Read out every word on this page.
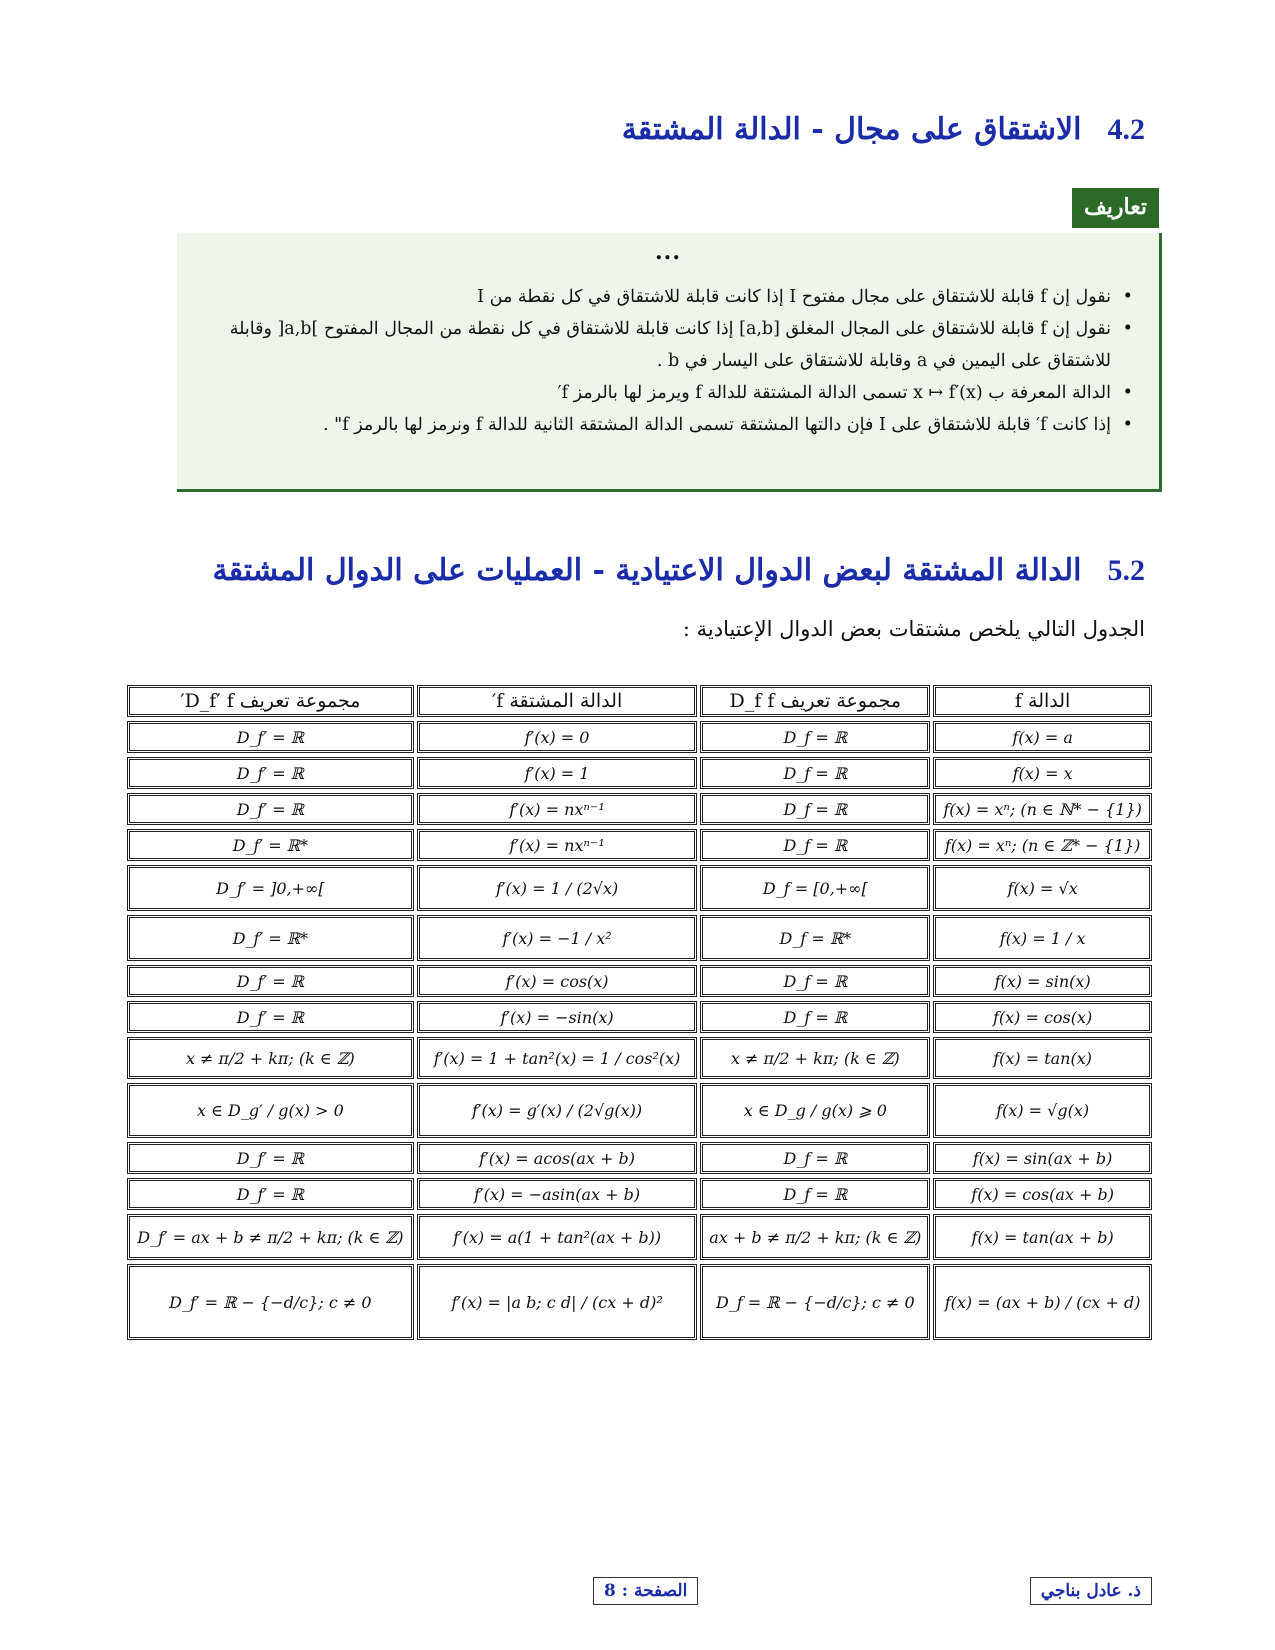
4.2الاشتقاق على مجال - الدالة المشتقة
تعاريف
...
• نقول إن f قابلة للاشتقاق على مجال مفتوح I إذا كانت قابلة للاشتقاق في كل نقطة من I
• نقول إن f قابلة للاشتقاق على المجال المغلق [a,b] إذا كانت قابلة للاشتقاق في كل نقطة من المجال المفتوح ]a,b[ وقابلة للاشتقاق على اليمين في a وقابلة للاشتقاق على اليسار في b .
• الدالة المعرفة ب x ↦ f′(x) تسمى الدالة المشتقة للدالة f ويرمز لها بالرمز f′
• إذا كانت f′ قابلة للاشتقاق على I فإن دالتها المشتقة تسمى الدالة المشتقة الثانية للدالة f ونرمز لها بالرمز f" .
5.2الدالة المشتقة لبعض الدوال الاعتيادية - العمليات على الدوال المشتقة
الجدول التالي يلخص مشتقات بعض الدوال الإعتيادية :
مجموعة تعريف D_f′ f′	الدالة المشتقة f′	مجموعة تعريف D_f f	الدالة f
D_f′ = ℝ	f′(x) = 0	D_f = ℝ	f(x) = a
D_f′ = ℝ	f′(x) = 1	D_f = ℝ	f(x) = x
D_f′ = ℝ	f′(x) = nxⁿ⁻¹	D_f = ℝ	f(x) = xⁿ; (n ∈ ℕ* − {1})
D_f′ = ℝ*	f′(x) = nxⁿ⁻¹	D_f = ℝ	f(x) = xⁿ; (n ∈ ℤ* − {1})
D_f′ = ]0,+∞[	f′(x) = 1 / (2√x)	D_f = [0,+∞[	f(x) = √x
D_f′ = ℝ*	f′(x) = −1 / x²	D_f = ℝ*	f(x) = 1 / x
D_f′ = ℝ	f′(x) = cos(x)	D_f = ℝ	f(x) = sin(x)
D_f′ = ℝ	f′(x) = −sin(x)	D_f = ℝ	f(x) = cos(x)
x ≠ π/2 + kπ; (k ∈ ℤ)	f′(x) = 1 + tan²(x) = 1 / cos²(x)	x ≠ π/2 + kπ; (k ∈ ℤ)	f(x) = tan(x)
x ∈ D_g′ / g(x) > 0	f′(x) = g′(x) / (2√g(x))	x ∈ D_g / g(x) ⩾ 0	f(x) = √g(x)
D_f′ = ℝ	f′(x) = acos(ax + b)	D_f = ℝ	f(x) = sin(ax + b)
D_f′ = ℝ	f′(x) = −asin(ax + b)	D_f = ℝ	f(x) = cos(ax + b)
D_f′ = ax + b ≠ π/2 + kπ; (k ∈ ℤ)	f′(x) = a(1 + tan²(ax + b))	ax + b ≠ π/2 + kπ; (k ∈ ℤ)	f(x) = tan(ax + b)
D_f′ = ℝ − {−d/c}; c ≠ 0	f′(x) = |a b; c d| / (cx + d)²	D_f = ℝ − {−d/c}; c ≠ 0	f(x) = (ax + b) / (cx + d)
الصفحة : 8	ذ. عادل بناجي
